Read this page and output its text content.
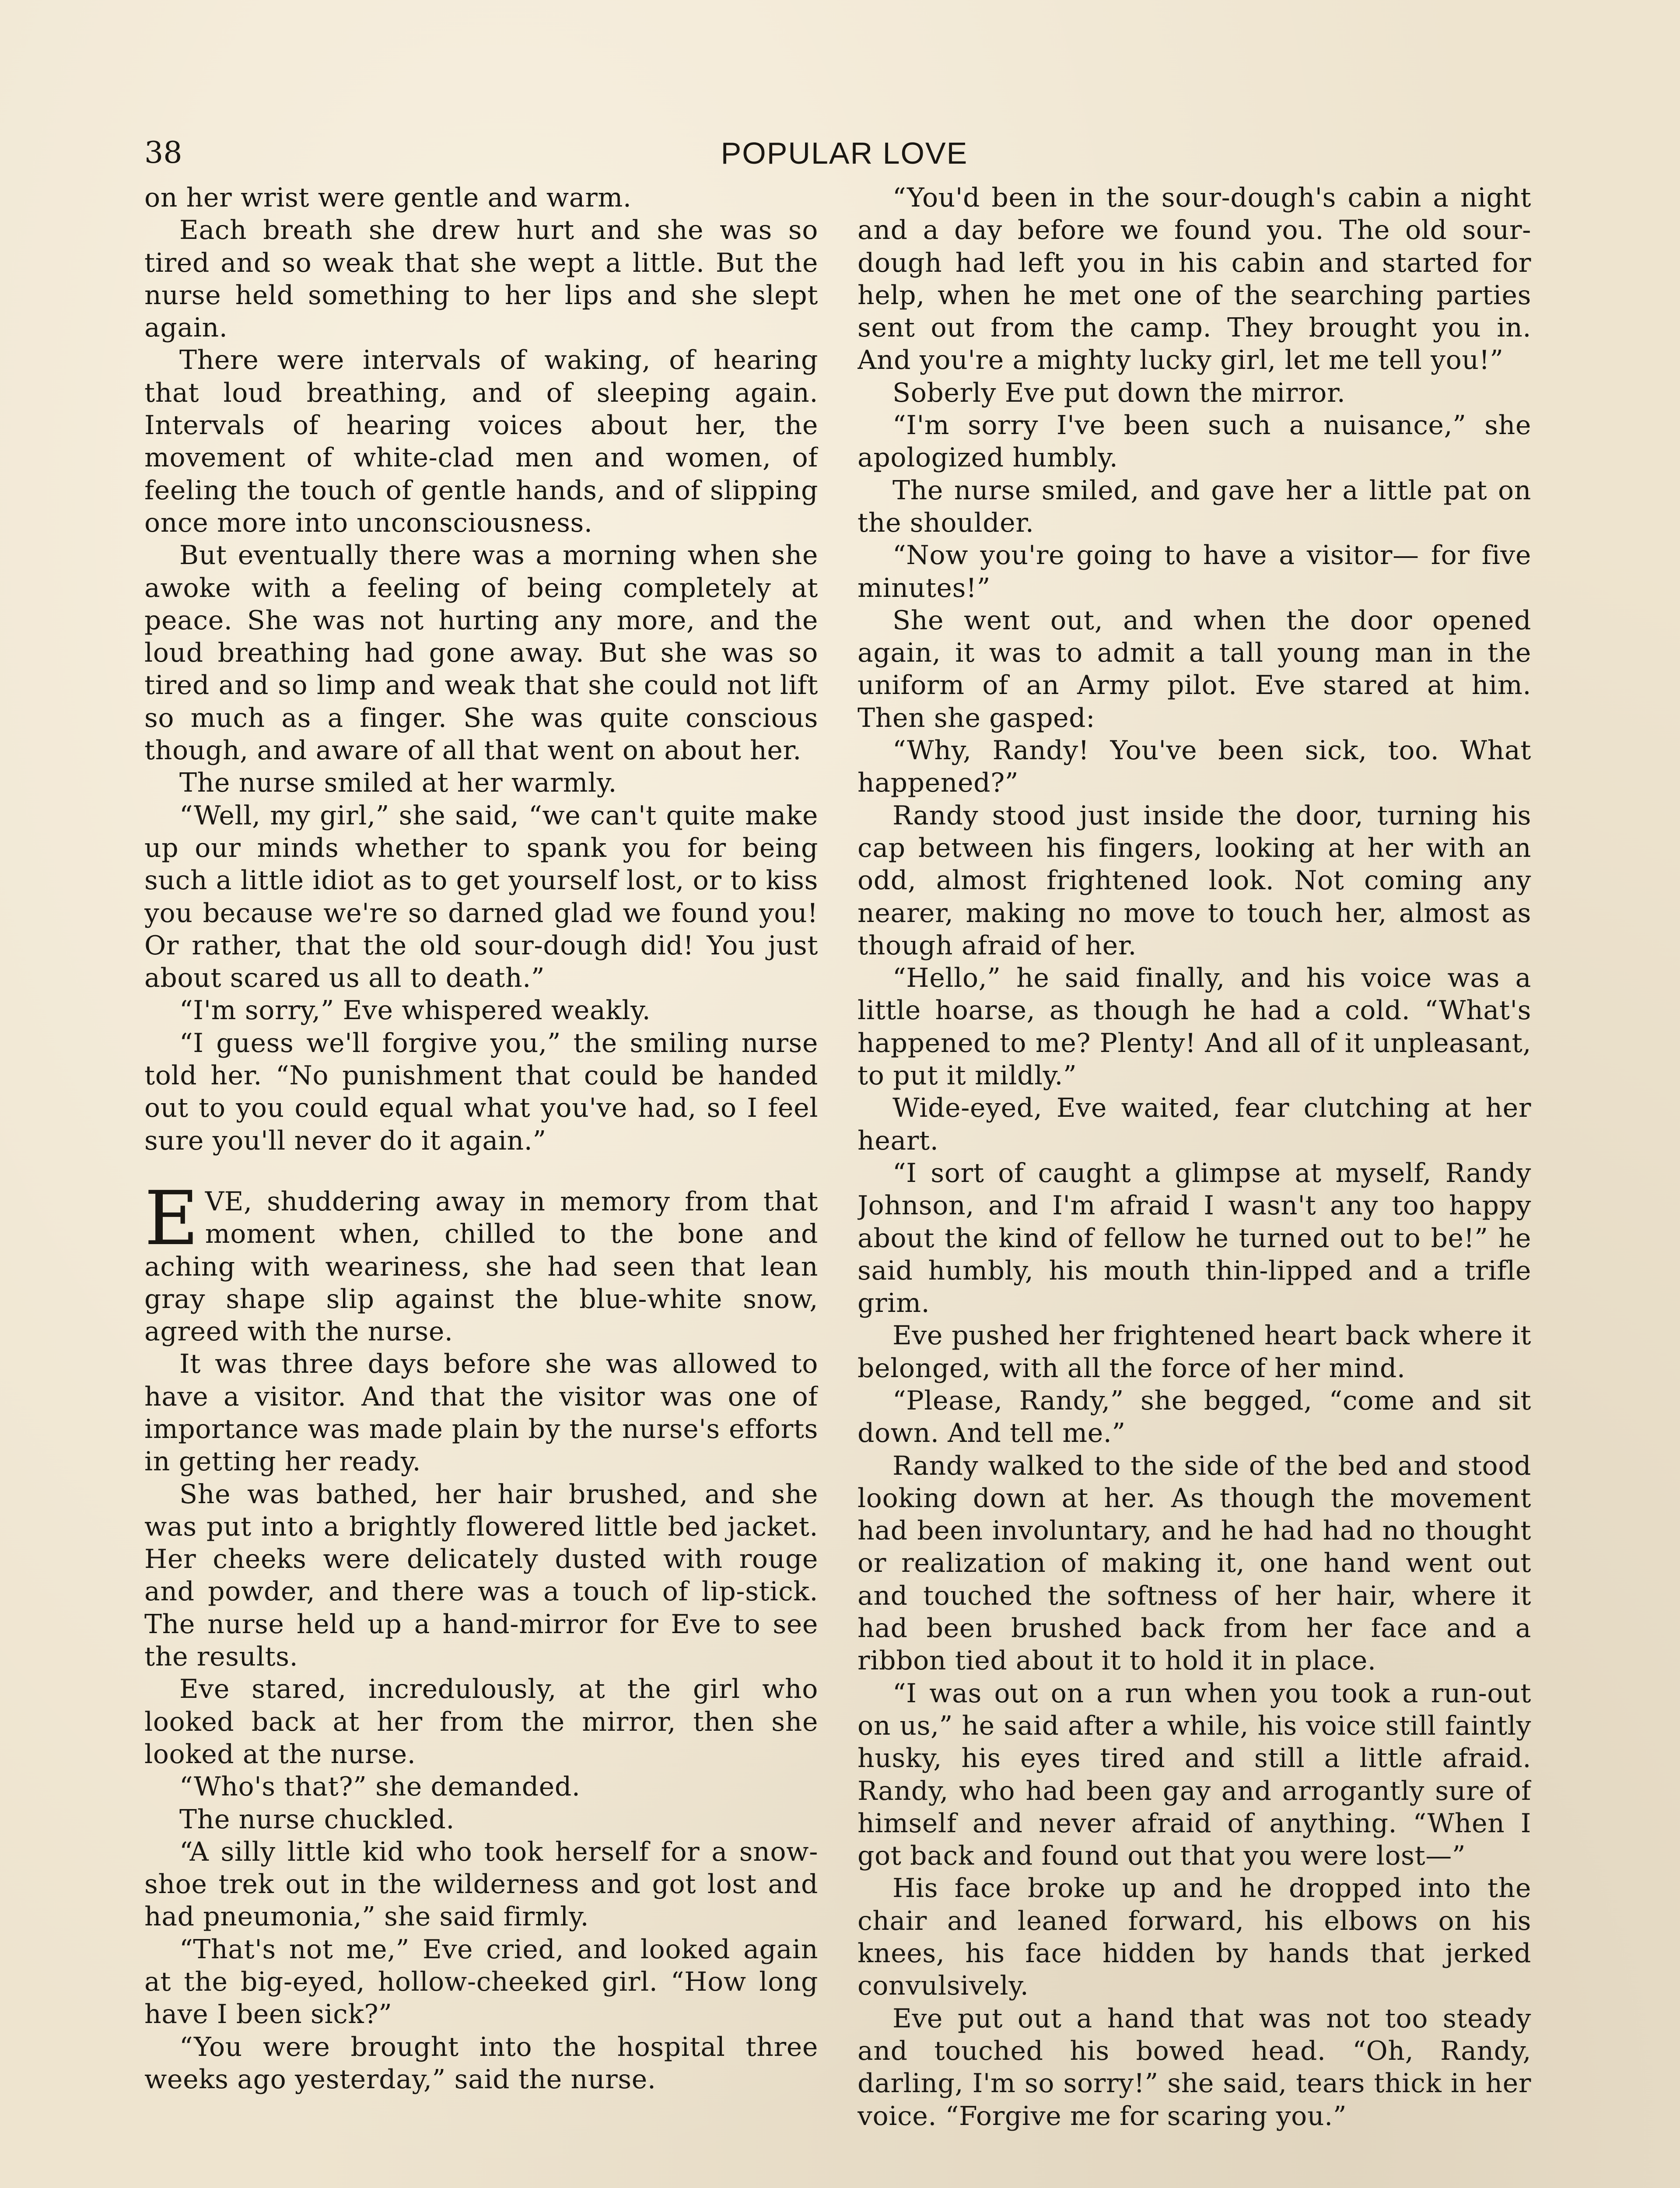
38	POPULAR LOVE

on her wrist were gentle and warm.

Each breath she drew hurt and she was so tired and so weak that she wept a little. But the nurse held something to her lips and she slept again.

There were intervals of waking, of hearing that loud breathing, and of sleeping again. Intervals of hearing voices about her, the movement of white-clad men and women, of feeling the touch of gentle hands, and of slipping once more into unconsciousness.

But eventually there was a morning when she awoke with a feeling of being completely at peace. She was not hurting any more, and the loud breathing had gone away. But she was so tired and so limp and weak that she could not lift so much as a finger. She was quite conscious though, and aware of all that went on about her.

The nurse smiled at her warmly.

“Well, my girl,” she said, “we can't quite make up our minds whether to spank you for being such a little idiot as to get yourself lost, or to kiss you because we're so darned glad we found you! Or rather, that the old sour-dough did! You just about scared us all to death.”

“I'm sorry,” Eve whispered weakly.

“I guess we'll forgive you,” the smiling nurse told her. “No punishment that could be handed out to you could equal what you've had, so I feel sure you'll never do it again.”

EVE, shuddering away in memory from that moment when, chilled to the bone and aching with weariness, she had seen that lean gray shape slip against the blue-white snow, agreed with the nurse.

It was three days before she was allowed to have a visitor. And that the visitor was one of importance was made plain by the nurse's efforts in getting her ready.

She was bathed, her hair brushed, and she was put into a brightly flowered little bed jacket. Her cheeks were delicately dusted with rouge and powder, and there was a touch of lip-stick. The nurse held up a hand-mirror for Eve to see the results.

Eve stared, incredulously, at the girl who looked back at her from the mirror, then she looked at the nurse.

“Who's that?” she demanded.

The nurse chuckled.

“A silly little kid who took herself for a snow-shoe trek out in the wilderness and got lost and had pneumonia,” she said firmly.

“That's not me,” Eve cried, and looked again at the big-eyed, hollow-cheeked girl. “How long have I been sick?”

“You were brought into the hospital three weeks ago yesterday,” said the nurse.

“You'd been in the sour-dough's cabin a night and a day before we found you. The old sour-dough had left you in his cabin and started for help, when he met one of the searching parties sent out from the camp. They brought you in. And you're a mighty lucky girl, let me tell you!”

Soberly Eve put down the mirror.

“I'm sorry I've been such a nuisance,” she apologized humbly.

The nurse smiled, and gave her a little pat on the shoulder.

“Now you're going to have a visitor— for five minutes!”

She went out, and when the door opened again, it was to admit a tall young man in the uniform of an Army pilot. Eve stared at him. Then she gasped:

“Why, Randy! You've been sick, too. What happened?”

Randy stood just inside the door, turning his cap between his fingers, looking at her with an odd, almost frightened look. Not coming any nearer, making no move to touch her, almost as though afraid of her.

“Hello,” he said finally, and his voice was a little hoarse, as though he had a cold. “What's happened to me? Plenty! And all of it unpleasant, to put it mildly.”

Wide-eyed, Eve waited, fear clutching at her heart.

“I sort of caught a glimpse at myself, Randy Johnson, and I'm afraid I wasn't any too happy about the kind of fellow he turned out to be!” he said humbly, his mouth thin-lipped and a trifle grim.

Eve pushed her frightened heart back where it belonged, with all the force of her mind.

“Please, Randy,” she begged, “come and sit down. And tell me.”

Randy walked to the side of the bed and stood looking down at her. As though the movement had been involuntary, and he had had no thought or realization of making it, one hand went out and touched the softness of her hair, where it had been brushed back from her face and a ribbon tied about it to hold it in place.

“I was out on a run when you took a run-out on us,” he said after a while, his voice still faintly husky, his eyes tired and still a little afraid. Randy, who had been gay and arrogantly sure of himself and never afraid of anything. “When I got back and found out that you were lost—”

His face broke up and he dropped into the chair and leaned forward, his elbows on his knees, his face hidden by hands that jerked convulsively.

Eve put out a hand that was not too steady and touched his bowed head. “Oh, Randy, darling, I'm so sorry!” she said, tears thick in her voice. “Forgive me for scaring you.”
